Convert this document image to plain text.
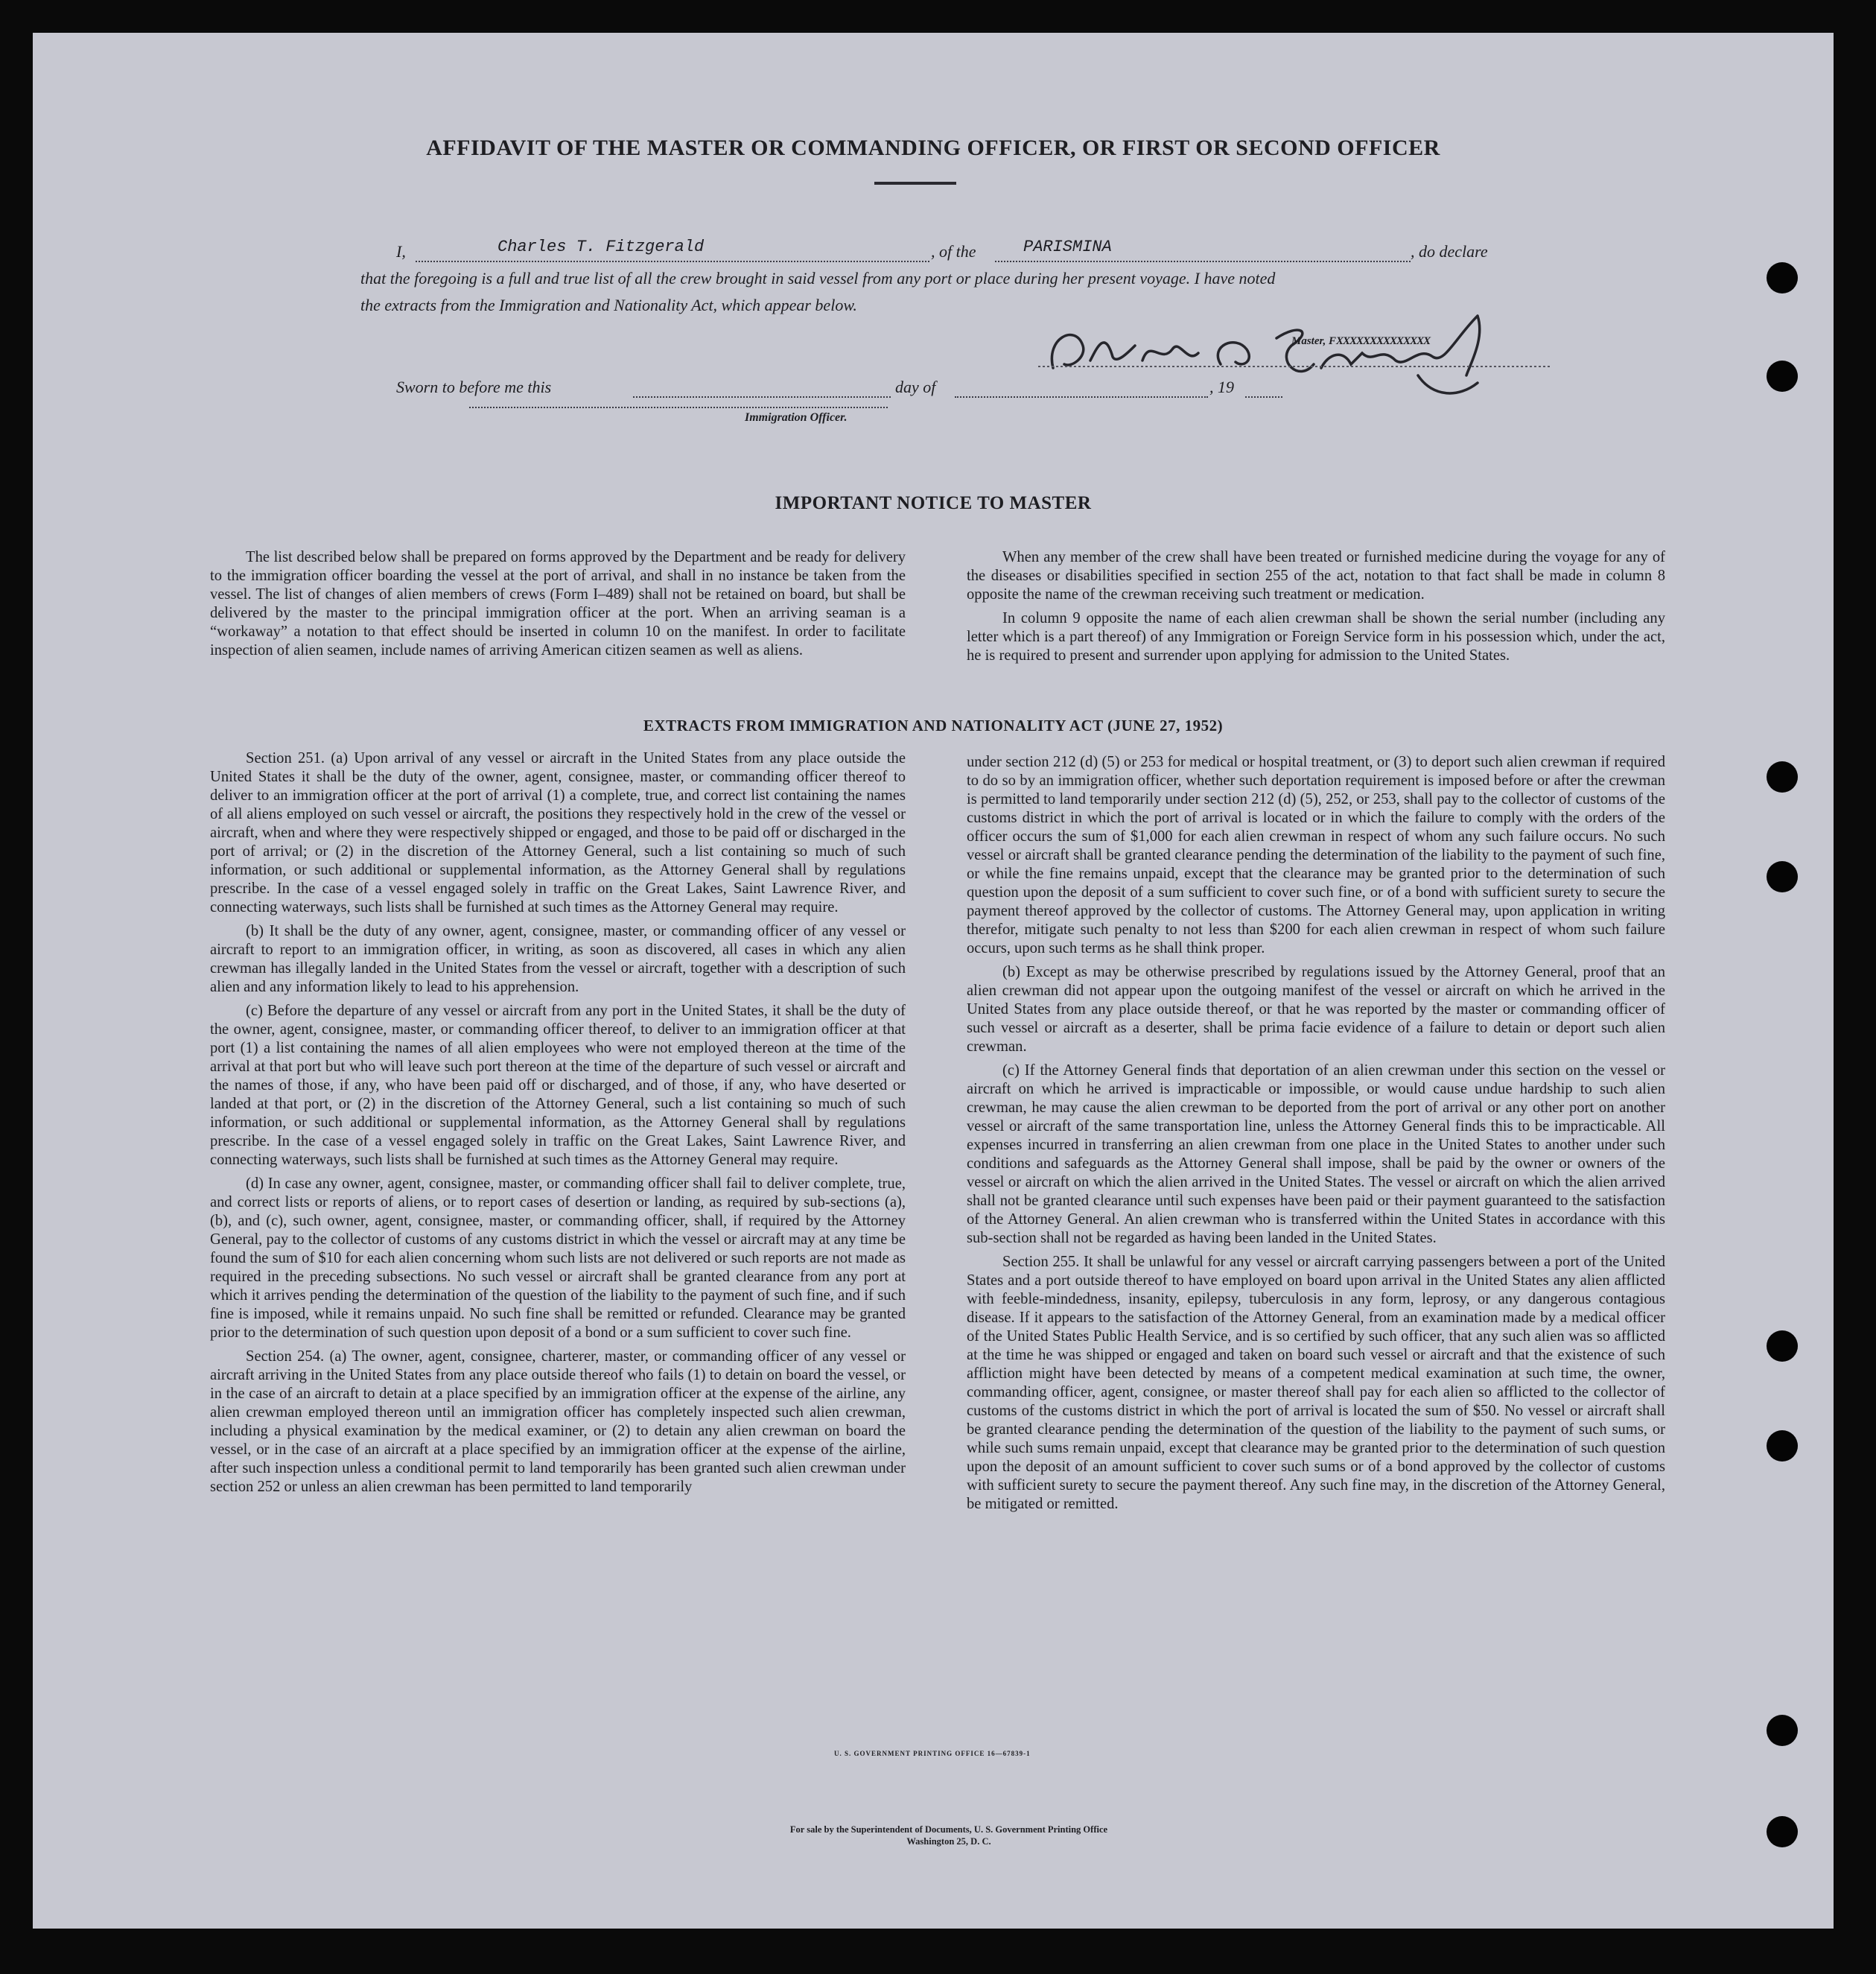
AFFIDAVIT OF THE MASTER OR COMMANDING OFFICER, OR FIRST OR SECOND OFFICER
I,	Charles T. Fitzgerald	, of the	PARISMINA	, do declare
that the foregoing is a full and true list of all the crew brought in said vessel from any port or place during her present voyage. I have noted
the extracts from the Immigration and Nationality Act, which appear below.
Master, FXXXXXXXXXXXXXX
Sworn to before me this	day of	, 19
Immigration Officer.
IMPORTANT NOTICE TO MASTER

The list described below shall be prepared on forms approved by the Department and be ready for delivery to the immigration officer boarding the vessel at the port of arrival, and shall in no instance be taken from the vessel. The list of changes of alien members of crews (Form I–489) shall not be retained on board, but shall be delivered by the master to the principal immigration officer at the port. When an arriving seaman is a “workaway” a notation to that effect should be inserted in column 10 on the manifest. In order to facilitate inspection of alien seamen, include names of arriving American citizen seamen as well as aliens.

When any member of the crew shall have been treated or furnished medicine during the voyage for any of the diseases or disabilities specified in section 255 of the act, notation to that fact shall be made in column 8 opposite the name of the crewman receiving such treatment or medication.

In column 9 opposite the name of each alien crewman shall be shown the serial number (including any letter which is a part thereof) of any Immigration or Foreign Service form in his possession which, under the act, he is required to present and surrender upon applying for admission to the United States.

EXTRACTS FROM IMMIGRATION AND NATIONALITY ACT (JUNE 27, 1952)

Section 251. (a) Upon arrival of any vessel or aircraft in the United States from any place outside the United States it shall be the duty of the owner, agent, consignee, master, or commanding officer thereof to deliver to an immigration officer at the port of arrival (1) a complete, true, and correct list containing the names of all aliens employed on such vessel or aircraft, the positions they respectively hold in the crew of the vessel or aircraft, when and where they were respectively shipped or engaged, and those to be paid off or discharged in the port of arrival; or (2) in the discretion of the Attorney General, such a list containing so much of such information, or such additional or supplemental information, as the Attorney General shall by regulations prescribe. In the case of a vessel engaged solely in traffic on the Great Lakes, Saint Lawrence River, and connecting waterways, such lists shall be furnished at such times as the Attorney General may require.

(b) It shall be the duty of any owner, agent, consignee, master, or commanding officer of any vessel or aircraft to report to an immigration officer, in writing, as soon as discovered, all cases in which any alien crewman has illegally landed in the United States from the vessel or aircraft, together with a description of such alien and any information likely to lead to his apprehension.

(c) Before the departure of any vessel or aircraft from any port in the United States, it shall be the duty of the owner, agent, consignee, master, or commanding officer thereof, to deliver to an immigration officer at that port (1) a list containing the names of all alien employees who were not employed thereon at the time of the arrival at that port but who will leave such port thereon at the time of the departure of such vessel or aircraft and the names of those, if any, who have been paid off or discharged, and of those, if any, who have deserted or landed at that port, or (2) in the discretion of the Attorney General, such a list containing so much of such information, or such additional or supplemental information, as the Attorney General shall by regulations prescribe. In the case of a vessel engaged solely in traffic on the Great Lakes, Saint Lawrence River, and connecting waterways, such lists shall be furnished at such times as the Attorney General may require.

(d) In case any owner, agent, consignee, master, or commanding officer shall fail to deliver complete, true, and correct lists or reports of aliens, or to report cases of desertion or landing, as required by sub-sections (a), (b), and (c), such owner, agent, consignee, master, or commanding officer, shall, if required by the Attorney General, pay to the collector of customs of any customs district in which the vessel or aircraft may at any time be found the sum of $10 for each alien concerning whom such lists are not delivered or such reports are not made as required in the preceding subsections. No such vessel or aircraft shall be granted clearance from any port at which it arrives pending the determination of the question of the liability to the payment of such fine, and if such fine is imposed, while it remains unpaid. No such fine shall be remitted or refunded. Clearance may be granted prior to the determination of such question upon deposit of a bond or a sum sufficient to cover such fine.

Section 254. (a) The owner, agent, consignee, charterer, master, or commanding officer of any vessel or aircraft arriving in the United States from any place outside thereof who fails (1) to detain on board the vessel, or in the case of an aircraft to detain at a place specified by an immigration officer at the expense of the airline, any alien crewman employed thereon until an immigration officer has completely inspected such alien crewman, including a physical examination by the medical examiner, or (2) to detain any alien crewman on board the vessel, or in the case of an aircraft at a place specified by an immigration officer at the expense of the airline, after such inspection unless a conditional permit to land temporarily has been granted such alien crewman under section 252 or unless an alien crewman has been permitted to land temporarily

under section 212 (d) (5) or 253 for medical or hospital treatment, or (3) to deport such alien crewman if required to do so by an immigration officer, whether such deportation requirement is imposed before or after the crewman is permitted to land temporarily under section 212 (d) (5), 252, or 253, shall pay to the collector of customs of the customs district in which the port of arrival is located or in which the failure to comply with the orders of the officer occurs the sum of $1,000 for each alien crewman in respect of whom any such failure occurs. No such vessel or aircraft shall be granted clearance pending the determination of the liability to the payment of such fine, or while the fine remains unpaid, except that the clearance may be granted prior to the determination of such question upon the deposit of a sum sufficient to cover such fine, or of a bond with sufficient surety to secure the payment thereof approved by the collector of customs. The Attorney General may, upon application in writing therefor, mitigate such penalty to not less than $200 for each alien crewman in respect of whom such failure occurs, upon such terms as he shall think proper.

(b) Except as may be otherwise prescribed by regulations issued by the Attorney General, proof that an alien crewman did not appear upon the outgoing manifest of the vessel or aircraft on which he arrived in the United States from any place outside thereof, or that he was reported by the master or commanding officer of such vessel or aircraft as a deserter, shall be prima facie evidence of a failure to detain or deport such alien crewman.

(c) If the Attorney General finds that deportation of an alien crewman under this section on the vessel or aircraft on which he arrived is impracticable or impossible, or would cause undue hardship to such alien crewman, he may cause the alien crewman to be deported from the port of arrival or any other port on another vessel or aircraft of the same transportation line, unless the Attorney General finds this to be impracticable. All expenses incurred in transferring an alien crewman from one place in the United States to another under such conditions and safeguards as the Attorney General shall impose, shall be paid by the owner or owners of the vessel or aircraft on which the alien arrived in the United States. The vessel or aircraft on which the alien arrived shall not be granted clearance until such expenses have been paid or their payment guaranteed to the satisfaction of the Attorney General. An alien crewman who is transferred within the United States in accordance with this sub-section shall not be regarded as having been landed in the United States.

Section 255. It shall be unlawful for any vessel or aircraft carrying passengers between a port of the United States and a port outside thereof to have employed on board upon arrival in the United States any alien afflicted with feeble-mindedness, insanity, epilepsy, tuberculosis in any form, leprosy, or any dangerous contagious disease. If it appears to the satisfaction of the Attorney General, from an examination made by a medical officer of the United States Public Health Service, and is so certified by such officer, that any such alien was so afflicted at the time he was shipped or engaged and taken on board such vessel or aircraft and that the existence of such affliction might have been detected by means of a competent medical examination at such time, the owner, commanding officer, agent, consignee, or master thereof shall pay for each alien so afflicted to the collector of customs of the customs district in which the port of arrival is located the sum of $50. No vessel or aircraft shall be granted clearance pending the determination of the question of the liability to the payment of such sums, or while such sums remain unpaid, except that clearance may be granted prior to the determination of such question upon the deposit of an amount sufficient to cover such sums or of a bond approved by the collector of customs with sufficient surety to secure the payment thereof. Any such fine may, in the discretion of the Attorney General, be mitigated or remitted.

U. S. GOVERNMENT PRINTING OFFICE 16—67839-1
For sale by the Superintendent of Documents, U. S. Government Printing Office
Washington 25, D. C.
